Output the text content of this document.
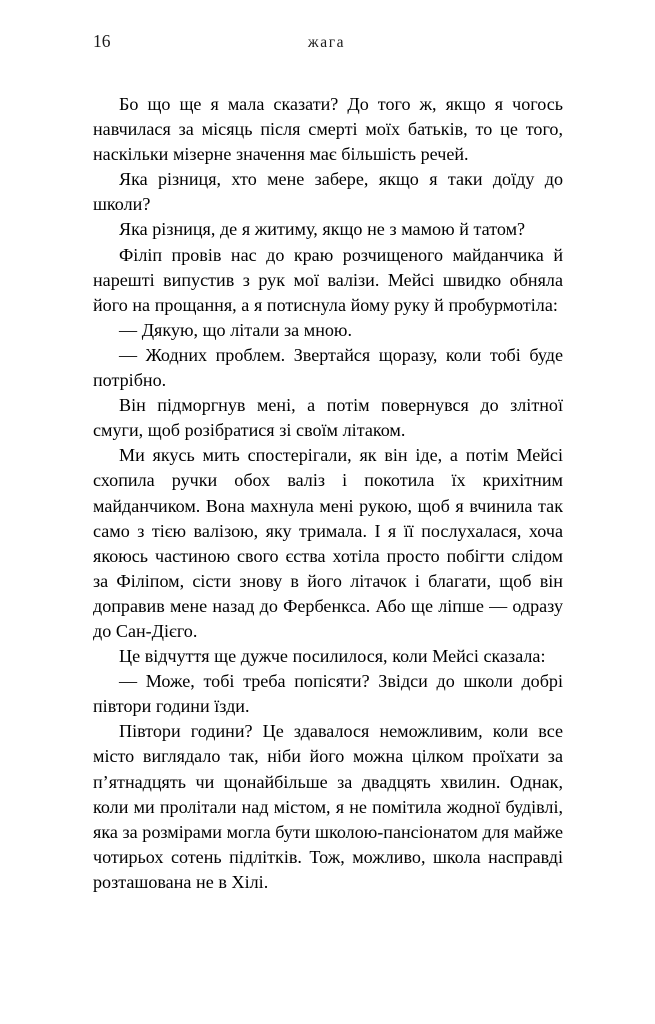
16	жага

Бо що ще я мала сказати? До того ж, якщо я чогось навчилася за місяць після смерті моїх батьків, то це того, наскільки мізерне значення має більшість речей.

Яка різниця, хто мене забере, якщо я таки доїду до школи?

Яка різниця, де я житиму, якщо не з мамою й татом?

Філіп провів нас до краю розчищеного майданчика й нарешті випустив з рук мої валізи. Мейсі швидко обняла його на прощання, а я потиснула йому руку й пробурмотіла:

— Дякую, що літали за мною.

— Жодних проблем. Звертайся щоразу, коли тобі буде потрібно.

Він підморгнув мені, а потім повернувся до злітної смуги, щоб розібратися зі своїм літаком.

Ми якусь мить спостерігали, як він іде, а потім Мейсі схопила ручки обох валіз і покотила їх крихітним майданчиком. Вона махнула мені рукою, щоб я вчинила так само з тією валізою, яку тримала. І я її послухалася, хоча якоюсь частиною свого єства хотіла просто побігти слідом за Філіпом, сісти знову в його літачок і благати, щоб він доправив мене назад до Фербенкса. Або ще ліпше — одразу до Сан-Дієго.

Це відчуття ще дужче посилилося, коли Мейсі сказала:

— Може, тобі треба попісяти? Звідси до школи добрі півтори години їзди.

Півтори години? Це здавалося неможливим, коли все місто виглядало так, ніби його можна цілком проїхати за п’ятнадцять чи щонайбільше за двадцять хвилин. Однак, коли ми пролітали над містом, я не помітила жодної будівлі, яка за розмірами могла бути школою-пансіонатом для майже чотирьох сотень підлітків. Тож, можливо, школа насправді розташована не в Хілі.
